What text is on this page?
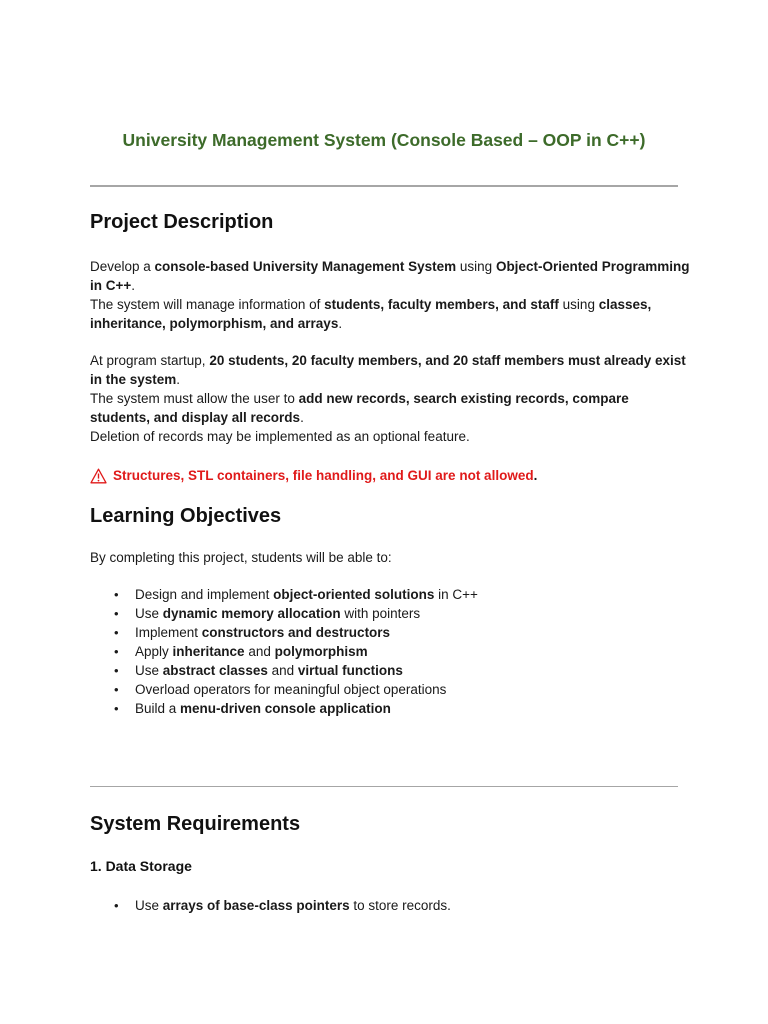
University Management System (Console Based – OOP in C++)
Project Description

Develop a console-based University Management System using Object-Oriented Programming in C++.
The system will manage information of students, faculty members, and staff using classes, inheritance, polymorphism, and arrays.

At program startup, 20 students, 20 faculty members, and 20 staff members must already exist in the system.
The system must allow the user to add new records, search existing records, compare students, and display all records.
Deletion of records may be implemented as an optional feature.

Structures, STL containers, file handling, and GUI are not allowed .
Learning Objectives

By completing this project, students will be able to:

• Design and implement object-oriented solutions in C++
• Use dynamic memory allocation with pointers
• Implement constructors and destructors
• Apply inheritance and polymorphism
• Use abstract classes and virtual functions
• Overload operators for meaningful object operations
• Build a menu-driven console application
System Requirements
1. Data Storage
• Use arrays of base-class pointers to store records.
